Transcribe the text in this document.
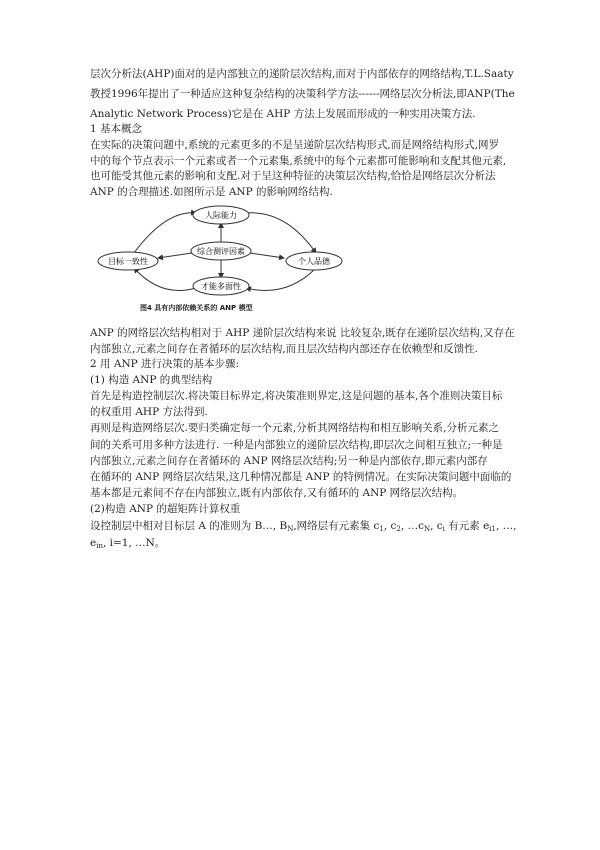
层次分析法(AHP)面对的是内部独立的递阶层次结构,而对于内部依存的网络结构,T.L.Saaty

教授1996年提出了一种适应这种复杂结构的决策科学方法------网络层次分析法,即ANP(The

Analytic Network Process)它是在 AHP 方法上发展而形成的一种实用决策方法.

1 基本概念

在实际的决策问题中,系统的元素更多的不是呈递阶层次结构形式,而是网络结构形式,网罗

中的每个节点表示一个元素或者一个元素集,系统中的每个元素都可能影响和支配其他元素,

也可能受其他元素的影响和支配.对于呈这种特征的决策层次结构,恰恰是网络层次分析法

ANP 的合理描述.如图所示是 ANP 的影响网络结构.

人际能力
综合测评因素
目标一致性	个人品德
才能多面性
图4 具有内部依赖关系的 ANP 模型

ANP 的网络层次结构相对于 AHP 递阶层次结构来说 比较复杂,既存在递阶层次结构,又存在

内部独立,元素之间存在者循环的层次结构,而且层次结构内部还存在依赖型和反馈性.

2 用 ANP 进行决策的基本步骤:

(1) 构造 ANP 的典型结构

首先是构造控制层次.将决策目标界定,将决策准则界定,这是问题的基本,各个准则决策目标

的权重用 AHP 方法得到.

再则是构造网络层次.要归类确定每一个元素,分析其网络结构和相互影响关系,分析元素之

间的关系可用多种方法进行. 一种是内部独立的递阶层次结构,即层次之间相互独立;一种是

内部独立,元素之间存在者循环的 ANP 网络层次结构;另一种是内部依存,即元素内部存

在循环的 ANP 网络层次结果,这几种情况都是 ANP 的特例情况。在实际决策问题中面临的

基本都是元素间不存在内部独立,既有内部依存,又有循环的 ANP 网络层次结构。

(2)构造 ANP 的超矩阵计算权重

设控制层中相对目标层 A 的准则为 B…, $B_N$,网络层有元素集 $c_1$, $c_2$, $\dots c_N$, $c_i$ 有元素 $e_{i1}$, …,

$e_{in}$, i=1, …N。
